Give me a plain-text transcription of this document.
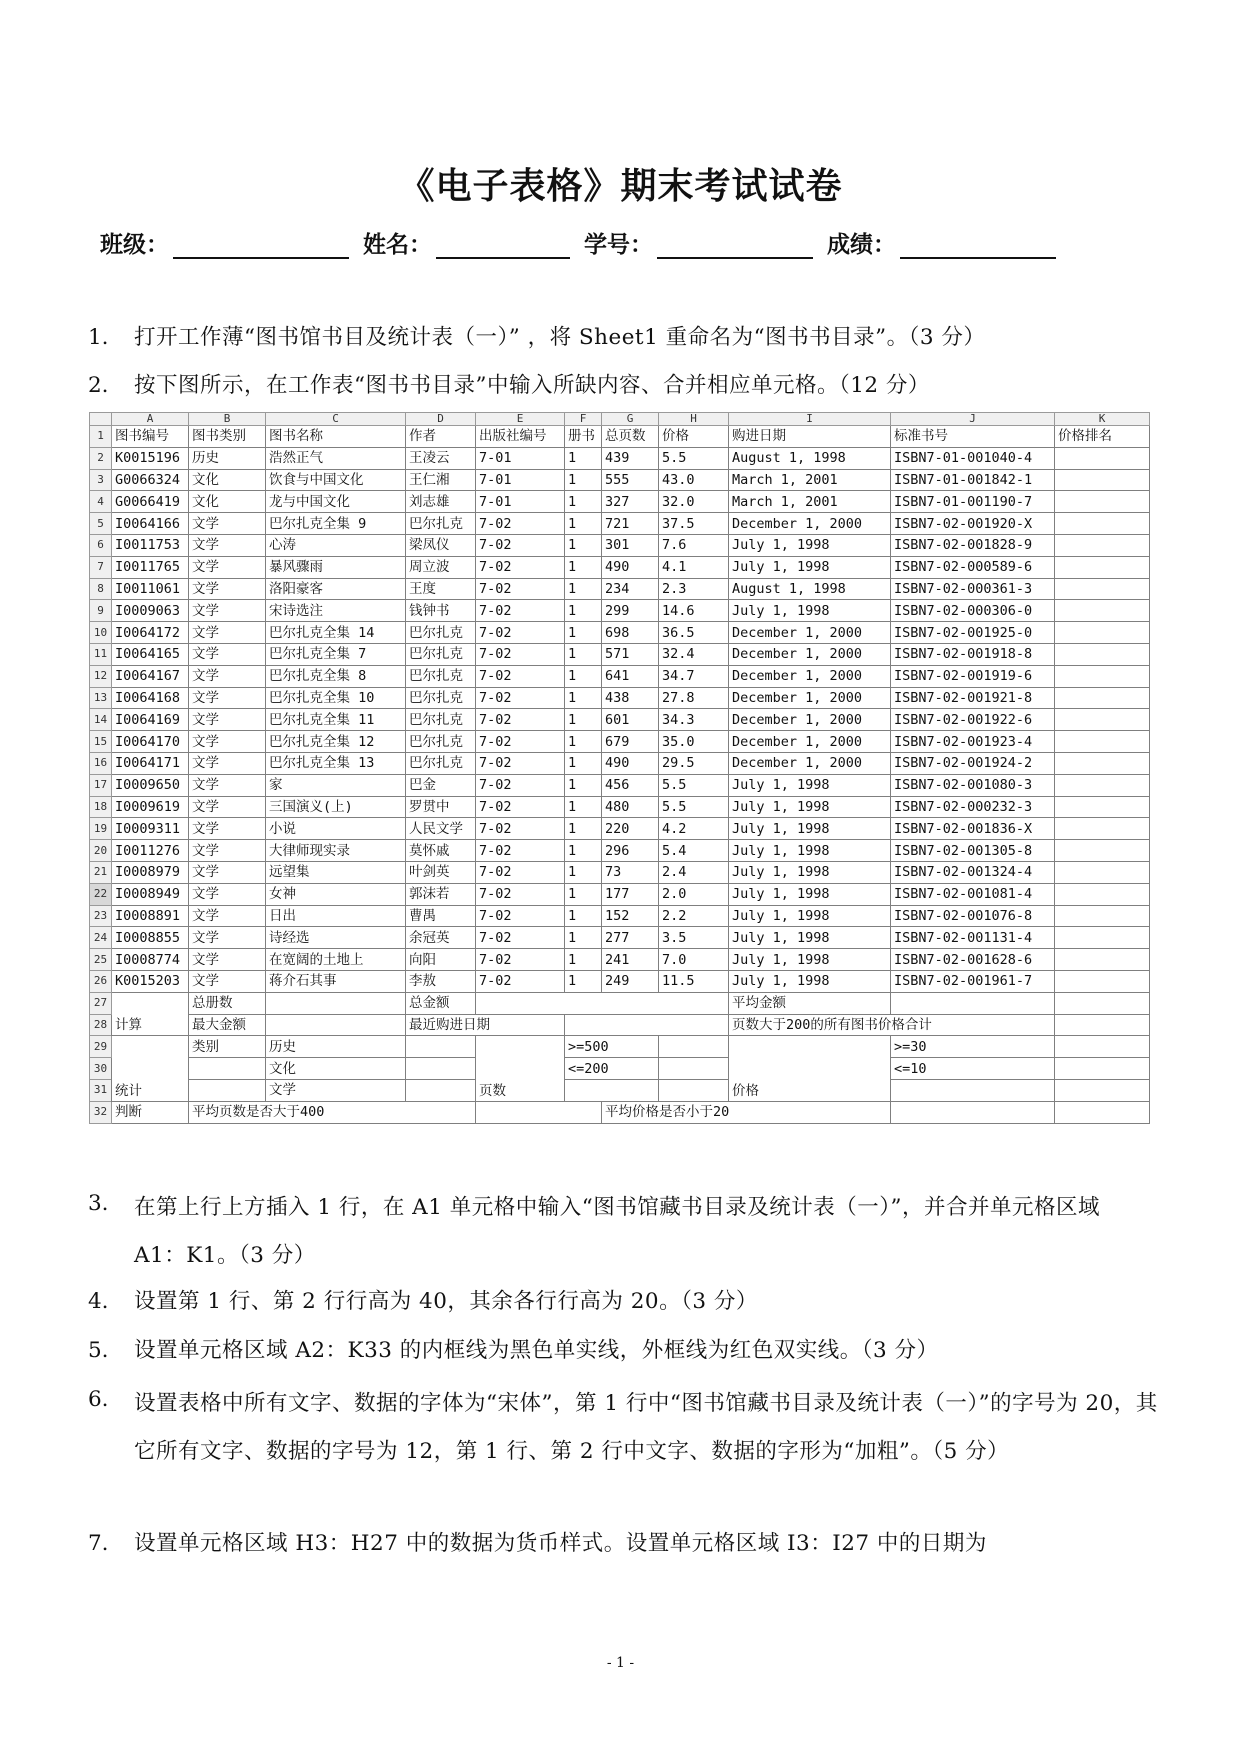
《电子表格》期末考试试卷
班级：	姓名：	学号：	成绩：
1.	打开工作薄“图书馆书目及统计表（一）” ，将 Sheet1 重命名为“图书书目录”。（3 分）
2.	按下图所示，在工作表“图书书目录”中输入所缺内容、合并相应单元格。（12 分）
	A	B	C	D	E	F	G	H	I	J	K
1	图书编号	图书类别	图书名称	作者	出版社编号	册书	总页数	价格	购进日期	标准书号	价格排名
2	K0015196	历史	浩然正气	王凌云	7-01	1	439	5.5	August 1, 1998	ISBN7-01-001040-4	
3	G0066324	文化	饮食与中国文化	王仁湘	7-01	1	555	43.0	March 1, 2001	ISBN7-01-001842-1	
4	G0066419	文化	龙与中国文化	刘志雄	7-01	1	327	32.0	March 1, 2001	ISBN7-01-001190-7	
5	I0064166	文学	巴尔扎克全集 9	巴尔扎克	7-02	1	721	37.5	December 1, 2000	ISBN7-02-001920-X	
6	I0011753	文学	心涛	梁凤仪	7-02	1	301	7.6	July 1, 1998	ISBN7-02-001828-9	
7	I0011765	文学	暴风骤雨	周立波	7-02	1	490	4.1	July 1, 1998	ISBN7-02-000589-6	
8	I0011061	文学	洛阳豪客	王度	7-02	1	234	2.3	August 1, 1998	ISBN7-02-000361-3	
9	I0009063	文学	宋诗选注	钱钟书	7-02	1	299	14.6	July 1, 1998	ISBN7-02-000306-0	
10	I0064172	文学	巴尔扎克全集 14	巴尔扎克	7-02	1	698	36.5	December 1, 2000	ISBN7-02-001925-0	
11	I0064165	文学	巴尔扎克全集 7	巴尔扎克	7-02	1	571	32.4	December 1, 2000	ISBN7-02-001918-8	
12	I0064167	文学	巴尔扎克全集 8	巴尔扎克	7-02	1	641	34.7	December 1, 2000	ISBN7-02-001919-6	
13	I0064168	文学	巴尔扎克全集 10	巴尔扎克	7-02	1	438	27.8	December 1, 2000	ISBN7-02-001921-8	
14	I0064169	文学	巴尔扎克全集 11	巴尔扎克	7-02	1	601	34.3	December 1, 2000	ISBN7-02-001922-6	
15	I0064170	文学	巴尔扎克全集 12	巴尔扎克	7-02	1	679	35.0	December 1, 2000	ISBN7-02-001923-4	
16	I0064171	文学	巴尔扎克全集 13	巴尔扎克	7-02	1	490	29.5	December 1, 2000	ISBN7-02-001924-2	
17	I0009650	文学	家	巴金	7-02	1	456	5.5	July 1, 1998	ISBN7-02-001080-3	
18	I0009619	文学	三国演义(上)	罗贯中	7-02	1	480	5.5	July 1, 1998	ISBN7-02-000232-3	
19	I0009311	文学	小说	人民文学	7-02	1	220	4.2	July 1, 1998	ISBN7-02-001836-X	
20	I0011276	文学	大律师现实录	莫怀戚	7-02	1	296	5.4	July 1, 1998	ISBN7-02-001305-8	
21	I0008979	文学	远望集	叶剑英	7-02	1	73	2.4	July 1, 1998	ISBN7-02-001324-4	
22	I0008949	文学	女神	郭沫若	7-02	1	177	2.0	July 1, 1998	ISBN7-02-001081-4	
23	I0008891	文学	日出	曹禺	7-02	1	152	2.2	July 1, 1998	ISBN7-02-001076-8	
24	I0008855	文学	诗经选	余冠英	7-02	1	277	3.5	July 1, 1998	ISBN7-02-001131-4	
25	I0008774	文学	在宽阔的土地上	向阳	7-02	1	241	7.0	July 1, 1998	ISBN7-02-001628-6	
26	K0015203	文学	蒋介石其事	李敖	7-02	1	249	11.5	July 1, 1998	ISBN7-02-001961-7	
27	计算	总册数		总金额					平均金额		
28		最大金额		最近购进日期					页数大于200的所有图书价格合计		
29	统计	类别	历史		页数	>=500			价格	>=30	
30			文化			<=200				<=10	
31			文学								
32	判断	平均页数是否大于400					平均价格是否小于20				
3.	在第上行上方插入 1 行，在 A1 单元格中输入“图书馆藏书目录及统计表（一）”，并合并单元格区域 A1：K1。（3 分）
4.	设置第 1 行、第 2 行行高为 40，其余各行行高为 20。（3 分）
5.	设置单元格区域 A2：K33 的内框线为黑色单实线，外框线为红色双实线。（3 分）
6.	设置表格中所有文字、数据的字体为“宋体”，第 1 行中“图书馆藏书目录及统计表（一）”的字号为 20，其它所有文字、数据的字号为 12，第 1 行、第 2 行中文字、数据的字形为“加粗”。（5 分）
7.	设置单元格区域 H3：H27 中的数据为货币样式。设置单元格区域 I3：I27 中的日期为
- 1 -
